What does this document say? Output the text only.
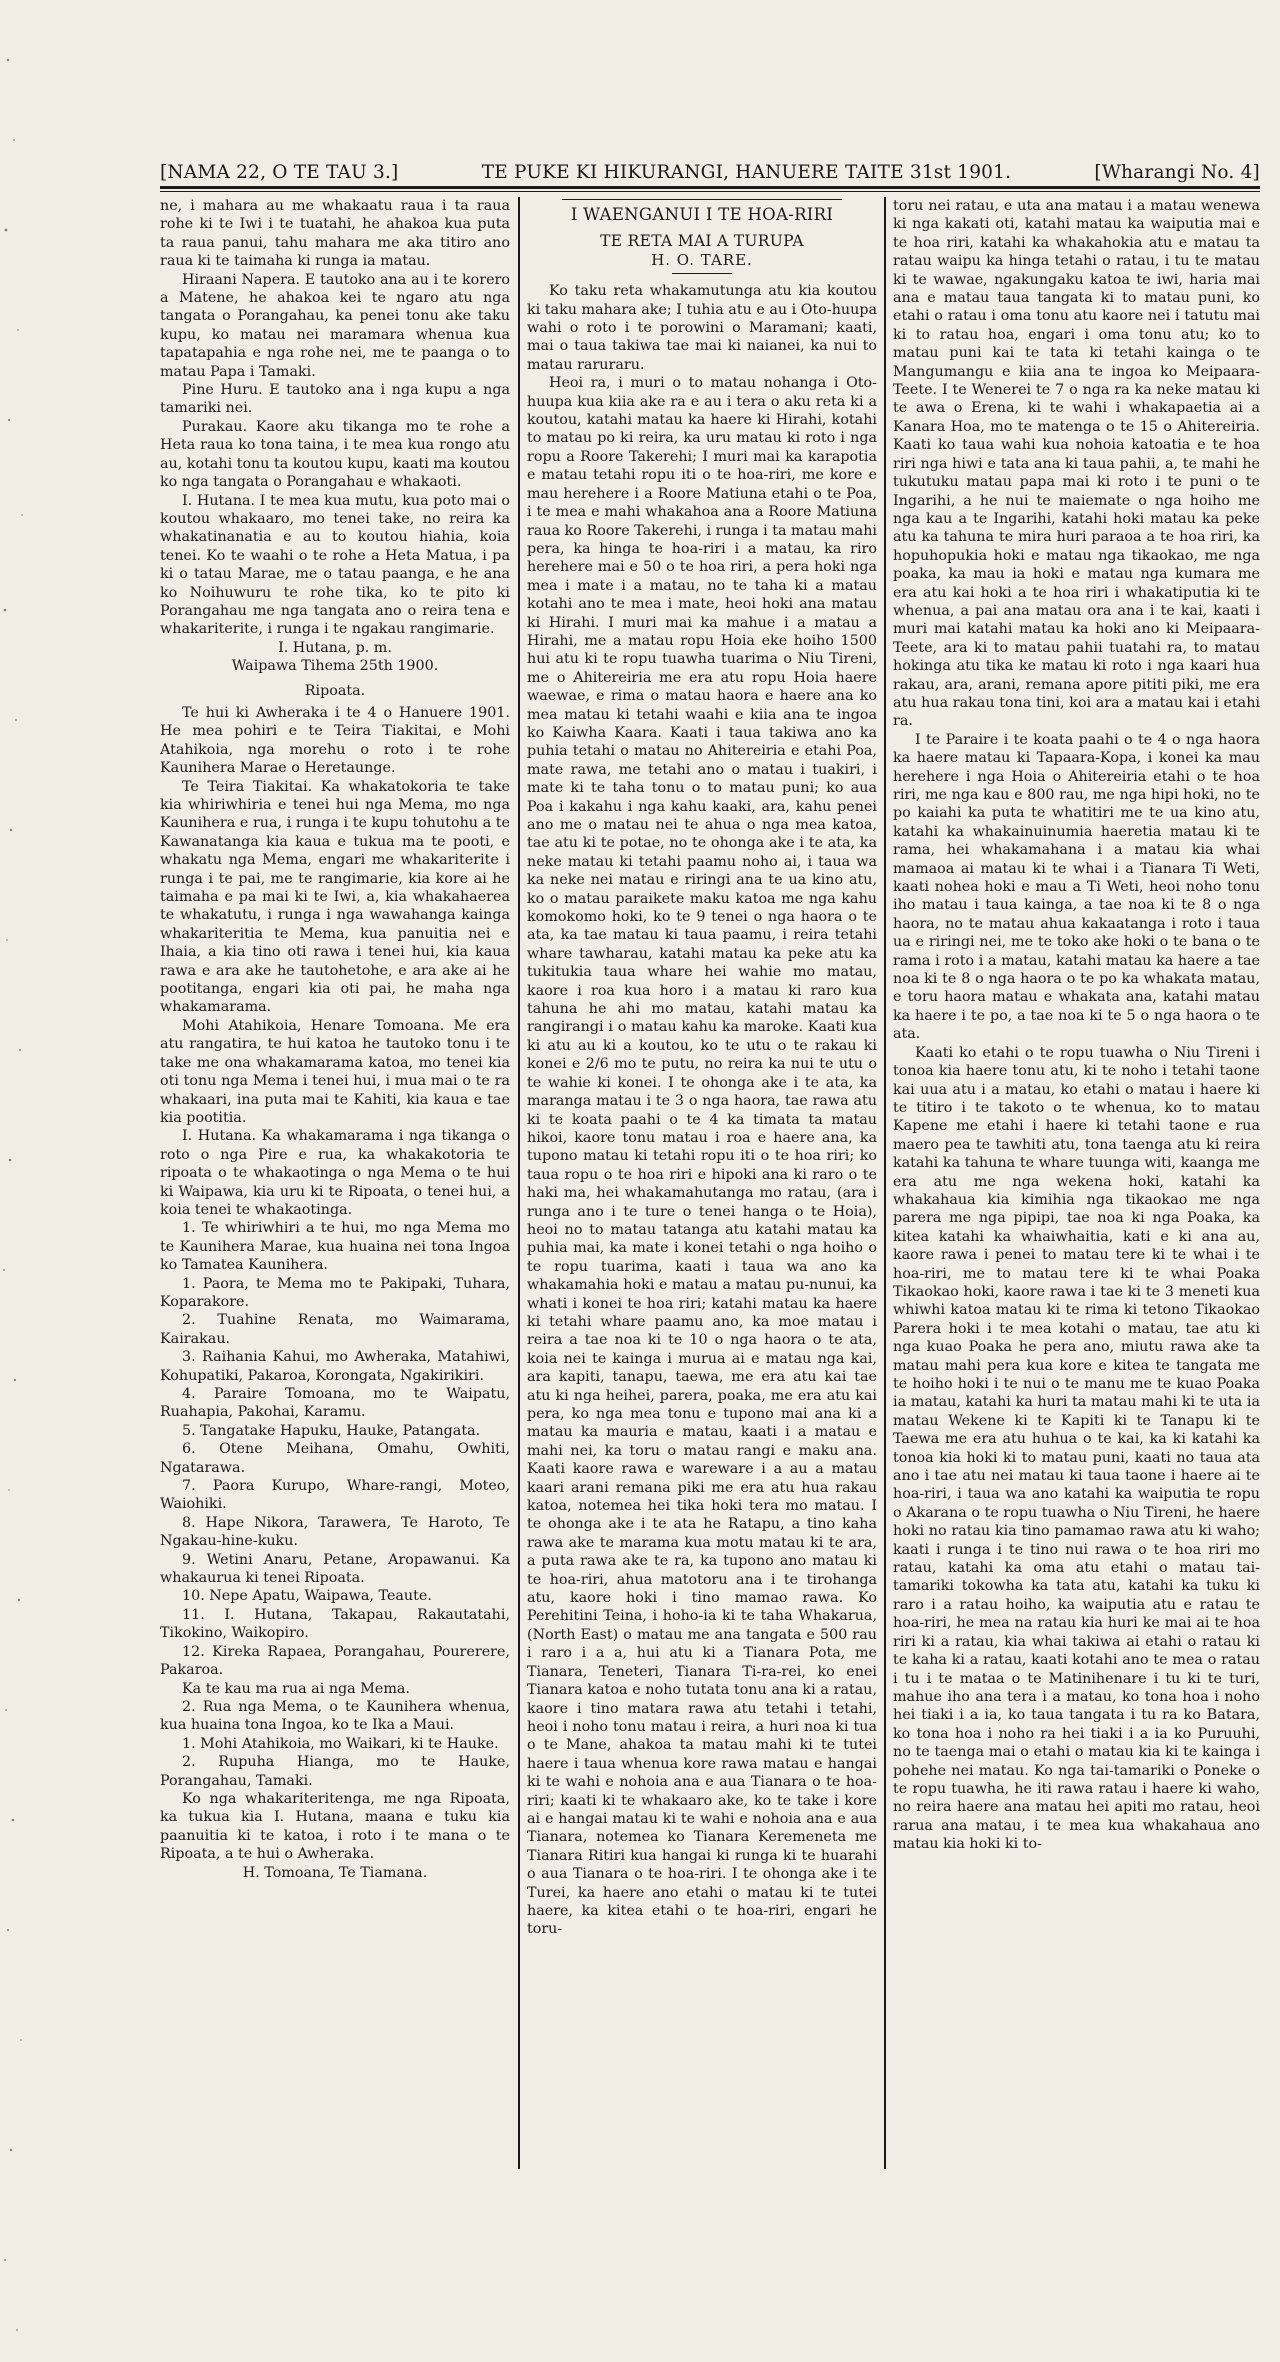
[NAMA 22, O TE TAU 3.]	TE PUKE KI HIKURANGI, HANUERE TAITE 31st 1901.	[Wharangi No. 4]

ne, i mahara au me whakaatu raua i ta raua rohe ki te Iwi i te tuatahi, he ahakoa kua puta ta raua panui, tahu mahara me aka titiro ano raua ki te taimaha ki runga ia matau.

Hiraani Napera. E tautoko ana au i te korero a Matene, he ahakoa kei te ngaro atu nga tangata o Porangahau, ka penei tonu ake taku kupu, ko matau nei maramara whenua kua tapatapahia e nga rohe nei, me te paanga o to matau Papa i Tamaki.

Pine Huru. E tautoko ana i nga kupu a nga tamariki nei.

Purakau. Kaore aku tikanga mo te rohe a Heta raua ko tona taina, i te mea kua rongo atu au, kotahi tonu ta koutou kupu, kaati ma koutou ko nga tangata o Porangahau e whakaoti.

I. Hutana. I te mea kua mutu, kua poto mai o koutou whakaaro, mo tenei take, no reira ka whakatinanatia e au to koutou hiahia, koia tenei. Ko te waahi o te rohe a Heta Matua, i pa ki o tatau Marae, me o tatau paanga, e he ana ko Noihuwuru te rohe tika, ko te pito ki Porangahau me nga tangata ano o reira tena e whakariterite, i runga i te ngakau rangimarie.

I. Hutana, p. m.

Waipawa Tihema 25th 1900.

Ripoata.

Te hui ki Awheraka i te 4 o Hanuere 1901. He mea pohiri e te Teira Tiakitai, e Mohi Atahikoia, nga morehu o roto i te rohe Kaunihera Marae o Heretaunge.

Te Teira Tiakitai. Ka whakatokoria te take kia whiriwhiria e tenei hui nga Mema, mo nga Kaunihera e rua, i runga i te kupu tohutohu a te Kawanatanga kia kaua e tukua ma te pooti, e whakatu nga Mema, engari me whakariterite i runga i te pai, me te rangimarie, kia kore ai he taimaha e pa mai ki te Iwi, a, kia whakahaerea te whakatutu, i runga i nga wawahanga kainga whakariteritia te Mema, kua panuitia nei e Ihaia, a kia tino oti rawa i tenei hui, kia kaua rawa e ara ake he tautohetohe, e ara ake ai he pootitanga, engari kia oti pai, he maha nga whakamarama.

Mohi Atahikoia, Henare Tomoana. Me era atu rangatira, te hui katoa he tautoko tonu i te take me ona whakamarama katoa, mo tenei kia oti tonu nga Mema i tenei hui, i mua mai o te ra whakaari, ina puta mai te Kahiti, kia kaua e tae kia pootitia.

I. Hutana. Ka whakamarama i nga tikanga o roto o nga Pire e rua, ka whakakotoria te ripoata o te whakaotinga o nga Mema o te hui ki Waipawa, kia uru ki te Ripoata, o tenei hui, a koia tenei te whakaotinga.

1. Te whiriwhiri a te hui, mo nga Mema mo te Kaunihera Marae, kua huaina nei tona Ingoa ko Tamatea Kaunihera.

1. Paora, te Mema mo te Pakipaki, Tuhara, Koparakore.

2. Tuahine Renata, mo Waimarama, Kairakau.

3. Raihania Kahui, mo Awheraka, Matahiwi, Kohupatiki, Pakaroa, Korongata, Ngakirikiri.

4. Paraire Tomoana, mo te Waipatu, Ruahapia, Pakohai, Karamu.

5. Tangatake Hapuku, Hauke, Patangata.

6. Otene Meihana, Omahu, Owhiti, Ngatarawa.

7. Paora Kurupo, Whare-rangi, Moteo, Waiohiki.

8. Hape Nikora, Tarawera, Te Haroto, Te Ngakau-hine-kuku.

9. Wetini Anaru, Petane, Aropawanui. Ka whakaurua ki tenei Ripoata.

10. Nepe Apatu, Waipawa, Teaute.

11. I. Hutana, Takapau, Rakautatahi, Tikokino, Waikopiro.

12. Kireka Rapaea, Porangahau, Pourerere, Pakaroa.

Ka te kau ma rua ai nga Mema.

2. Rua nga Mema, o te Kaunihera whenua, kua huaina tona Ingoa, ko te Ika a Maui.

1. Mohi Atahikoia, mo Waikari, ki te Hauke.

2. Rupuha Hianga, mo te Hauke, Porangahau, Tamaki.

Ko nga whakariteritenga, me nga Ripoata, ka tukua kia I. Hutana, maana e tuku kia paanuitia ki te katoa, i roto i te mana o te Ripoata, a te hui o Awheraka.

H. Tomoana, Te Tiamana.

I WAENGANUI I TE HOA-RIRI

TE RETA MAI A TURUPA

H. O. TARE.

Ko taku reta whakamutunga atu kia koutou ki taku mahara ake; I tuhia atu e au i Oto-huupa wahi o roto i te porowini o Maramani; kaati, mai o taua takiwa tae mai ki naianei, ka nui to matau raruraru.

Heoi ra, i muri o to matau nohanga i Oto-huupa kua kiia ake ra e au i tera o aku reta ki a koutou, katahi matau ka haere ki Hirahi, kotahi to matau po ki reira, ka uru matau ki roto i nga ropu a Roore Takerehi; I muri mai ka karapotia e matau tetahi ropu iti o te hoa-riri, me kore e mau herehere i a Roore Matiuna etahi o te Poa, i te mea e mahi whakahoa ana a Roore Matiuna raua ko Roore Takerehi, i runga i ta matau mahi pera, ka hinga te hoa-riri i a matau, ka riro herehere mai e 50 o te hoa riri, a pera hoki nga mea i mate i a matau, no te taha ki a matau kotahi ano te mea i mate, heoi hoki ana matau ki Hirahi. I muri mai ka mahue i a matau a Hirahi, me a matau ropu Hoia eke hoiho 1500 hui atu ki te ropu tuawha tuarima o Niu Tireni, me o Ahitereiria me era atu ropu Hoia haere waewae, e rima o matau haora e haere ana ko mea matau ki tetahi waahi e kiia ana te ingoa ko Kaiwha Kaara. Kaati i taua takiwa ano ka puhia tetahi o matau no Ahitereiria e etahi Poa, mate rawa, me tetahi ano o matau i tuakiri, i mate ki te taha tonu o to matau puni; ko aua Poa i kakahu i nga kahu kaaki, ara, kahu penei ano me o matau nei te ahua o nga mea katoa, tae atu ki te potae, no te ohonga ake i te ata, ka neke matau ki tetahi paamu noho ai, i taua wa ka neke nei matau e riringi ana te ua kino atu, ko o matau paraikete maku katoa me nga kahu komokomo hoki, ko te 9 tenei o nga haora o te ata, ka tae matau ki taua paamu, i reira tetahi whare tawharau, katahi matau ka peke atu ka tukitukia taua whare hei wahie mo matau, kaore i roa kua horo i a matau ki raro kua tahuna he ahi mo matau, katahi matau ka rangirangi i o matau kahu ka maroke. Kaati kua ki atu au ki a koutou, ko te utu o te rakau ki konei e 2/6 mo te putu, no reira ka nui te utu o te wahie ki konei. I te ohonga ake i te ata, ka maranga matau i te 3 o nga haora, tae rawa atu ki te koata paahi o te 4 ka timata ta matau hikoi, kaore tonu matau i roa e haere ana, ka tupono matau ki tetahi ropu iti o te hoa riri; ko taua ropu o te hoa riri e hipoki ana ki raro o te haki ma, hei whakamahutanga mo ratau, (ara i runga ano i te ture o tenei hanga o te Hoia), heoi no to matau tatanga atu katahi matau ka puhia mai, ka mate i konei tetahi o nga hoiho o te ropu tuarima, kaati i taua wa ano ka whakamahia hoki e matau a matau pu-nunui, ka whati i konei te hoa riri; katahi matau ka haere ki tetahi whare paamu ano, ka moe matau i reira a tae noa ki te 10 o nga haora o te ata, koia nei te kainga i murua ai e matau nga kai, ara kapiti, tanapu, taewa, me era atu kai tae atu ki nga heihei, parera, poaka, me era atu kai pera, ko nga mea tonu e tupono mai ana ki a matau ka mauria e matau, kaati i a matau e mahi nei, ka toru o matau rangi e maku ana. Kaati kaore rawa e wareware i a au a matau kaari arani remana piki me era atu hua rakau katoa, notemea hei tika hoki tera mo matau. I te ohonga ake i te ata he Ratapu, a tino kaha rawa ake te marama kua motu matau ki te ara, a puta rawa ake te ra, ka tupono ano matau ki te hoa-riri, ahua matotoru ana i te tirohanga atu, kaore hoki i tino mamao rawa. Ko Perehitini Teina, i hoho-ia ki te taha Whakarua, (North East) o matau me ana tangata e 500 rau i raro i a a, hui atu ki a Tianara Pota, me Tianara, Teneteri, Tianara Ti-ra-rei, ko enei Tianara katoa e noho tutata tonu ana ki a ratau, kaore i tino matara rawa atu tetahi i tetahi, heoi i noho tonu matau i reira, a huri noa ki tua o te Mane, ahakoa ta matau mahi ki te tutei haere i taua whenua kore rawa matau e hangai ki te wahi e nohoia ana e aua Tianara o te hoa-riri; kaati ki te whakaaro ake, ko te take i kore ai e hangai matau ki te wahi e nohoia ana e aua Tianara, notemea ko Tianara Keremeneta me Tianara Ritiri kua hangai ki runga ki te huarahi o aua Tianara o te hoa-riri. I te ohonga ake i te Turei, ka haere ano etahi o matau ki te tutei haere, ka kitea etahi o te hoa-riri, engari he toru-

toru nei ratau, e uta ana matau i a matau wenewa ki nga kakati oti, katahi matau ka waiputia mai e te hoa riri, katahi ka whakahokia atu e matau ta ratau waipu ka hinga tetahi o ratau, i tu te matau ki te wawae, ngakungaku katoa te iwi, haria mai ana e matau taua tangata ki to matau puni, ko etahi o ratau i oma tonu atu kaore nei i tatutu mai ki to ratau hoa, engari i oma tonu atu; ko to matau puni kai te tata ki tetahi kainga o te Mangumangu e kiia ana te ingoa ko Meipaara-Teete. I te Wenerei te 7 o nga ra ka neke matau ki te awa o Erena, ki te wahi i whakapaetia ai a Kanara Hoa, mo te matenga o te 15 o Ahitereiria. Kaati ko taua wahi kua nohoia katoatia e te hoa riri nga hiwi e tata ana ki taua pahii, a, te mahi he tukutuku matau papa mai ki roto i te puni o te Ingarihi, a he nui te maiemate o nga hoiho me nga kau a te Ingarihi, katahi hoki matau ka peke atu ka tahuna te mira huri paraoa a te hoa riri, ka hopuhopukia hoki e matau nga tikaokao, me nga poaka, ka mau ia hoki e matau nga kumara me era atu kai hoki a te hoa riri i whakatiputia ki te whenua, a pai ana matau ora ana i te kai, kaati i muri mai katahi matau ka hoki ano ki Meipaara-Teete, ara ki to matau pahii tuatahi ra, to matau hokinga atu tika ke matau ki roto i nga kaari hua rakau, ara, arani, remana apore pititi piki, me era atu hua rakau tona tini, koi ara a matau kai i etahi ra.

I te Paraire i te koata paahi o te 4 o nga haora ka haere matau ki Tapaara-Kopa, i konei ka mau herehere i nga Hoia o Ahitereiria etahi o te hoa riri, me nga kau e 800 rau, me nga hipi hoki, no te po kaiahi ka puta te whatitiri me te ua kino atu, katahi ka whakainuinumia haeretia matau ki te rama, hei whakamahana i a matau kia whai mamaoa ai matau ki te whai i a Tianara Ti Weti, kaati nohea hoki e mau a Ti Weti, heoi noho tonu iho matau i taua kainga, a tae noa ki te 8 o nga haora, no te matau ahua kakaatanga i roto i taua ua e riringi nei, me te toko ake hoki o te bana o te rama i roto i a matau, katahi matau ka haere a tae noa ki te 8 o nga haora o te po ka whakata matau, e toru haora matau e whakata ana, katahi matau ka haere i te po, a tae noa ki te 5 o nga haora o te ata.

Kaati ko etahi o te ropu tuawha o Niu Tireni i tonoa kia haere tonu atu, ki te noho i tetahi taone kai uua atu i a matau, ko etahi o matau i haere ki te titiro i te takoto o te whenua, ko to matau Kapene me etahi i haere ki tetahi taone e rua maero pea te tawhiti atu, tona taenga atu ki reira katahi ka tahuna te whare tuunga witi, kaanga me era atu me nga wekena hoki, katahi ka whakahaua kia kimihia nga tikaokao me nga parera me nga pipipi, tae noa ki nga Poaka, ka kitea katahi ka whaiwhaitia, kati e ki ana au, kaore rawa i penei to matau tere ki te whai i te hoa-riri, me to matau tere ki te whai Poaka Tikaokao hoki, kaore rawa i tae ki te 3 meneti kua whiwhi katoa matau ki te rima ki tetono Tikaokao Parera hoki i te mea kotahi o matau, tae atu ki nga kuao Poaka he pera ano, miutu rawa ake ta matau mahi pera kua kore e kitea te tangata me te hoiho hoki i te nui o te manu me te kuao Poaka ia matau, katahi ka huri ta matau mahi ki te uta ia matau Wekene ki te Kapiti ki te Tanapu ki te Taewa me era atu huhua o te kai, ka ki katahi ka tonoa kia hoki ki to matau puni, kaati no taua ata ano i tae atu nei matau ki taua taone i haere ai te hoa-riri, i taua wa ano katahi ka waiputia te ropu o Akarana o te ropu tuawha o Niu Tireni, he haere hoki no ratau kia tino pamamao rawa atu ki waho; kaati i runga i te tino nui rawa o te hoa riri mo ratau, katahi ka oma atu etahi o matau tai-tamariki tokowha ka tata atu, katahi ka tuku ki raro i a ratau hoiho, ka waiputia atu e ratau te hoa-riri, he mea na ratau kia huri ke mai ai te hoa riri ki a ratau, kia whai takiwa ai etahi o ratau ki te kaha ki a ratau, kaati kotahi ano te mea o ratau i tu i te mataa o te Matinihenare i tu ki te turi, mahue iho ana tera i a matau, ko tona hoa i noho hei tiaki i a ia, ko taua tangata i tu ra ko Batara, ko tona hoa i noho ra hei tiaki i a ia ko Puruuhi, no te taenga mai o etahi o matau kia ki te kainga i pohehe nei matau. Ko nga tai-tamariki o Poneke o te ropu tuawha, he iti rawa ratau i haere ki waho, no reira haere ana matau hei apiti mo ratau, heoi rarua ana matau, i te mea kua whakahaua ano matau kia hoki ki to-
